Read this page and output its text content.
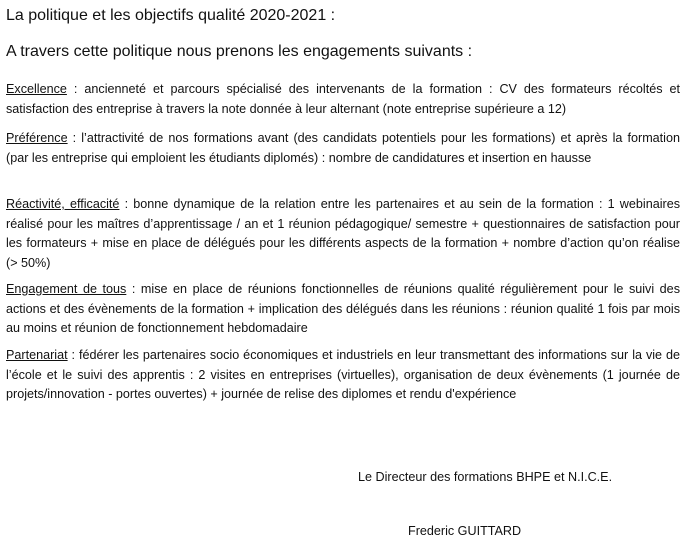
La politique et les objectifs qualité 2020-2021 :
A travers cette politique nous prenons les engagements suivants :

Excellence : ancienneté et parcours spécialisé des intervenants de la formation : CV des formateurs récoltés et satisfaction des entreprise à travers la note donnée à leur alternant (note entreprise supérieure a 12)

Préférence : l’attractivité de nos formations avant (des candidats potentiels pour les formations) et après la formation (par les entreprise qui emploient les étudiants diplomés) : nombre de candidatures et insertion en hausse

Réactivité, efficacité : bonne dynamique de la relation entre les partenaires et au sein de la formation : 1 webinaires réalisé pour les maîtres d’apprentissage / an et 1 réunion pédagogique/ semestre + questionnaires de satisfaction pour les formateurs + mise en place de délégués pour les différents aspects de la formation + nombre d’action qu’on réalise (> 50%)

Engagement de tous : mise en place de réunions fonctionnelles de réunions qualité régulièrement pour le suivi des actions et des évènements de la formation + implication des délégués dans les réunions : réunion qualité 1 fois par mois au moins et réunion de fonctionnement hebdomadaire

Partenariat : fédérer les partenaires socio économiques et industriels en leur transmettant des informations sur la vie de l’école et le suivi des apprentis : 2 visites en entreprises (virtuelles), organisation de deux évènements (1 journée de projets/innovation - portes ouvertes) + journée de relise des diplomes et rendu d'expérience

Le Directeur des formations BHPE et N.I.C.E.
Frederic GUITTARD
